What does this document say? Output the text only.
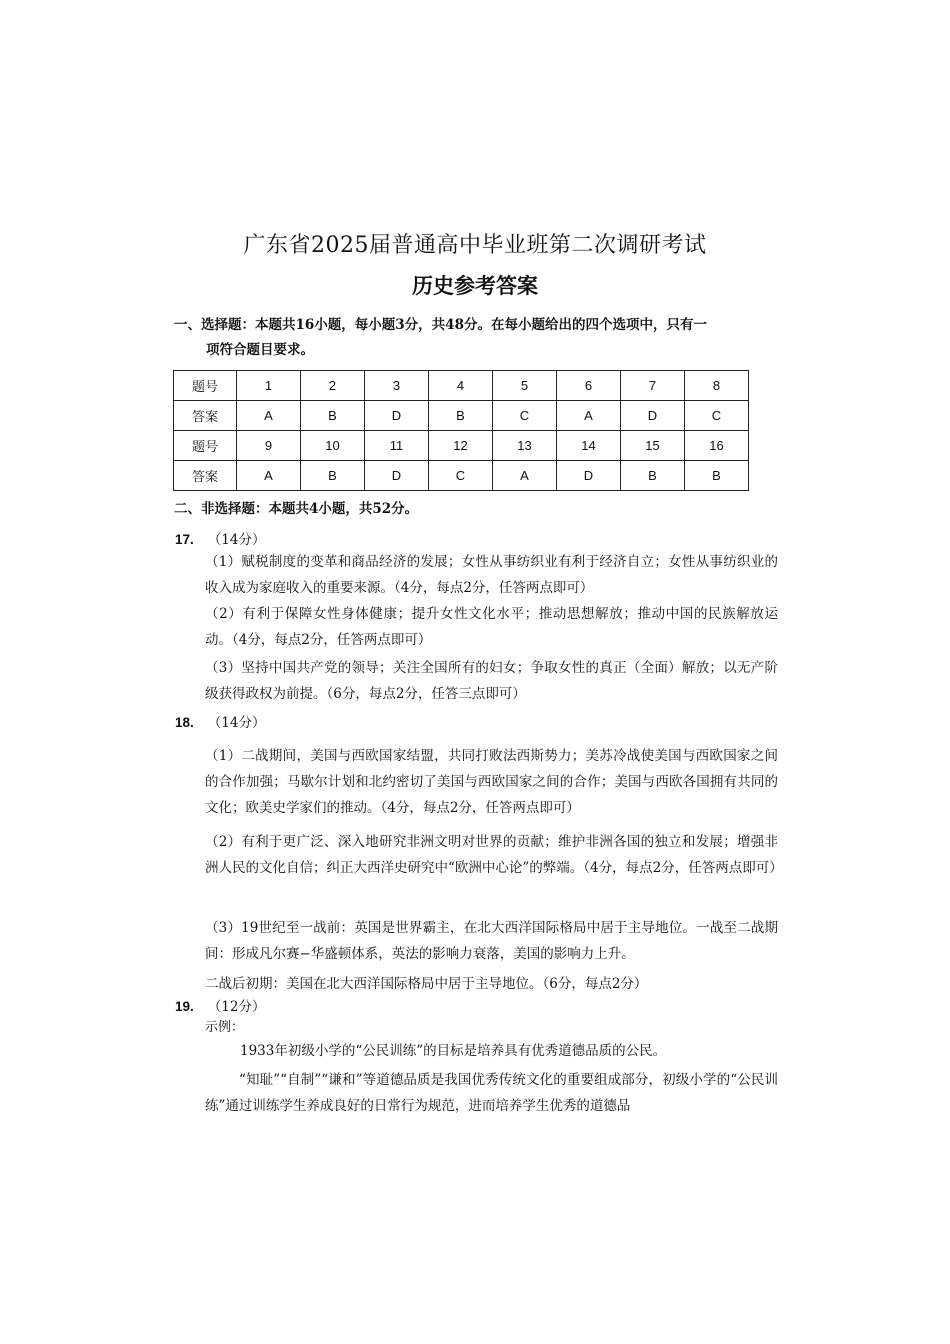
广东省2025届普通高中毕业班第二次调研考试
历史参考答案
一、选择题：本题共16小题，每小题3分，共48分。在每小题给出的四个选项中，只有一
项符合题目要求。
题号	1	2	3	4	5	6	7	8
答案	A	B	D	B	C	A	D	C
题号	9	10	11	12	13	14	15	16
答案	A	B	D	C	A	D	B	B
二、非选择题：本题共4小题，共52分。
17. （14分）
（1）赋税制度的变革和商品经济的发展；女性从事纺织业有利于经济自立；女性从事纺织业的收入成为家庭收入的重要来源。（4分，每点2分，任答两点即可）
（2）有利于保障女性身体健康；提升女性文化水平；推动思想解放；推动中国的民族解放运动。（4分，每点2分，任答两点即可）
（3）坚持中国共产党的领导；关注全国所有的妇女；争取女性的真正（全面）解放；以无产阶级获得政权为前提。（6分，每点2分，任答三点即可）
18. （14分）
（1）二战期间，美国与西欧国家结盟，共同打败法西斯势力；美苏冷战使美国与西欧国家之间的合作加强；马歇尔计划和北约密切了美国与西欧国家之间的合作；美国与西欧各国拥有共同的文化；欧美史学家们的推动。（4分，每点2分，任答两点即可）
（2）有利于更广泛、深入地研究非洲文明对世界的贡献；维护非洲各国的独立和发展；增强非洲人民的文化自信；纠正大西洋史研究中“欧洲中心论”的弊端。（4分，每点2分，任答两点即可）
（3）19世纪至一战前：英国是世界霸主，在北大西洋国际格局中居于主导地位。一战至二战期间：形成凡尔赛−华盛顿体系，英法的影响力衰落，美国的影响力上升。
二战后初期：美国在北大西洋国际格局中居于主导地位。（6分，每点2分）
19. （12分）
示例：
1933年初级小学的“公民训练”的目标是培养具有优秀道德品质的公民。
“知耻”“自制”“谦和”等道德品质是我国优秀传统文化的重要组成部分，初级小学的“公民训练”通过训练学生养成良好的日常行为规范，进而培养学生优秀的道德品
